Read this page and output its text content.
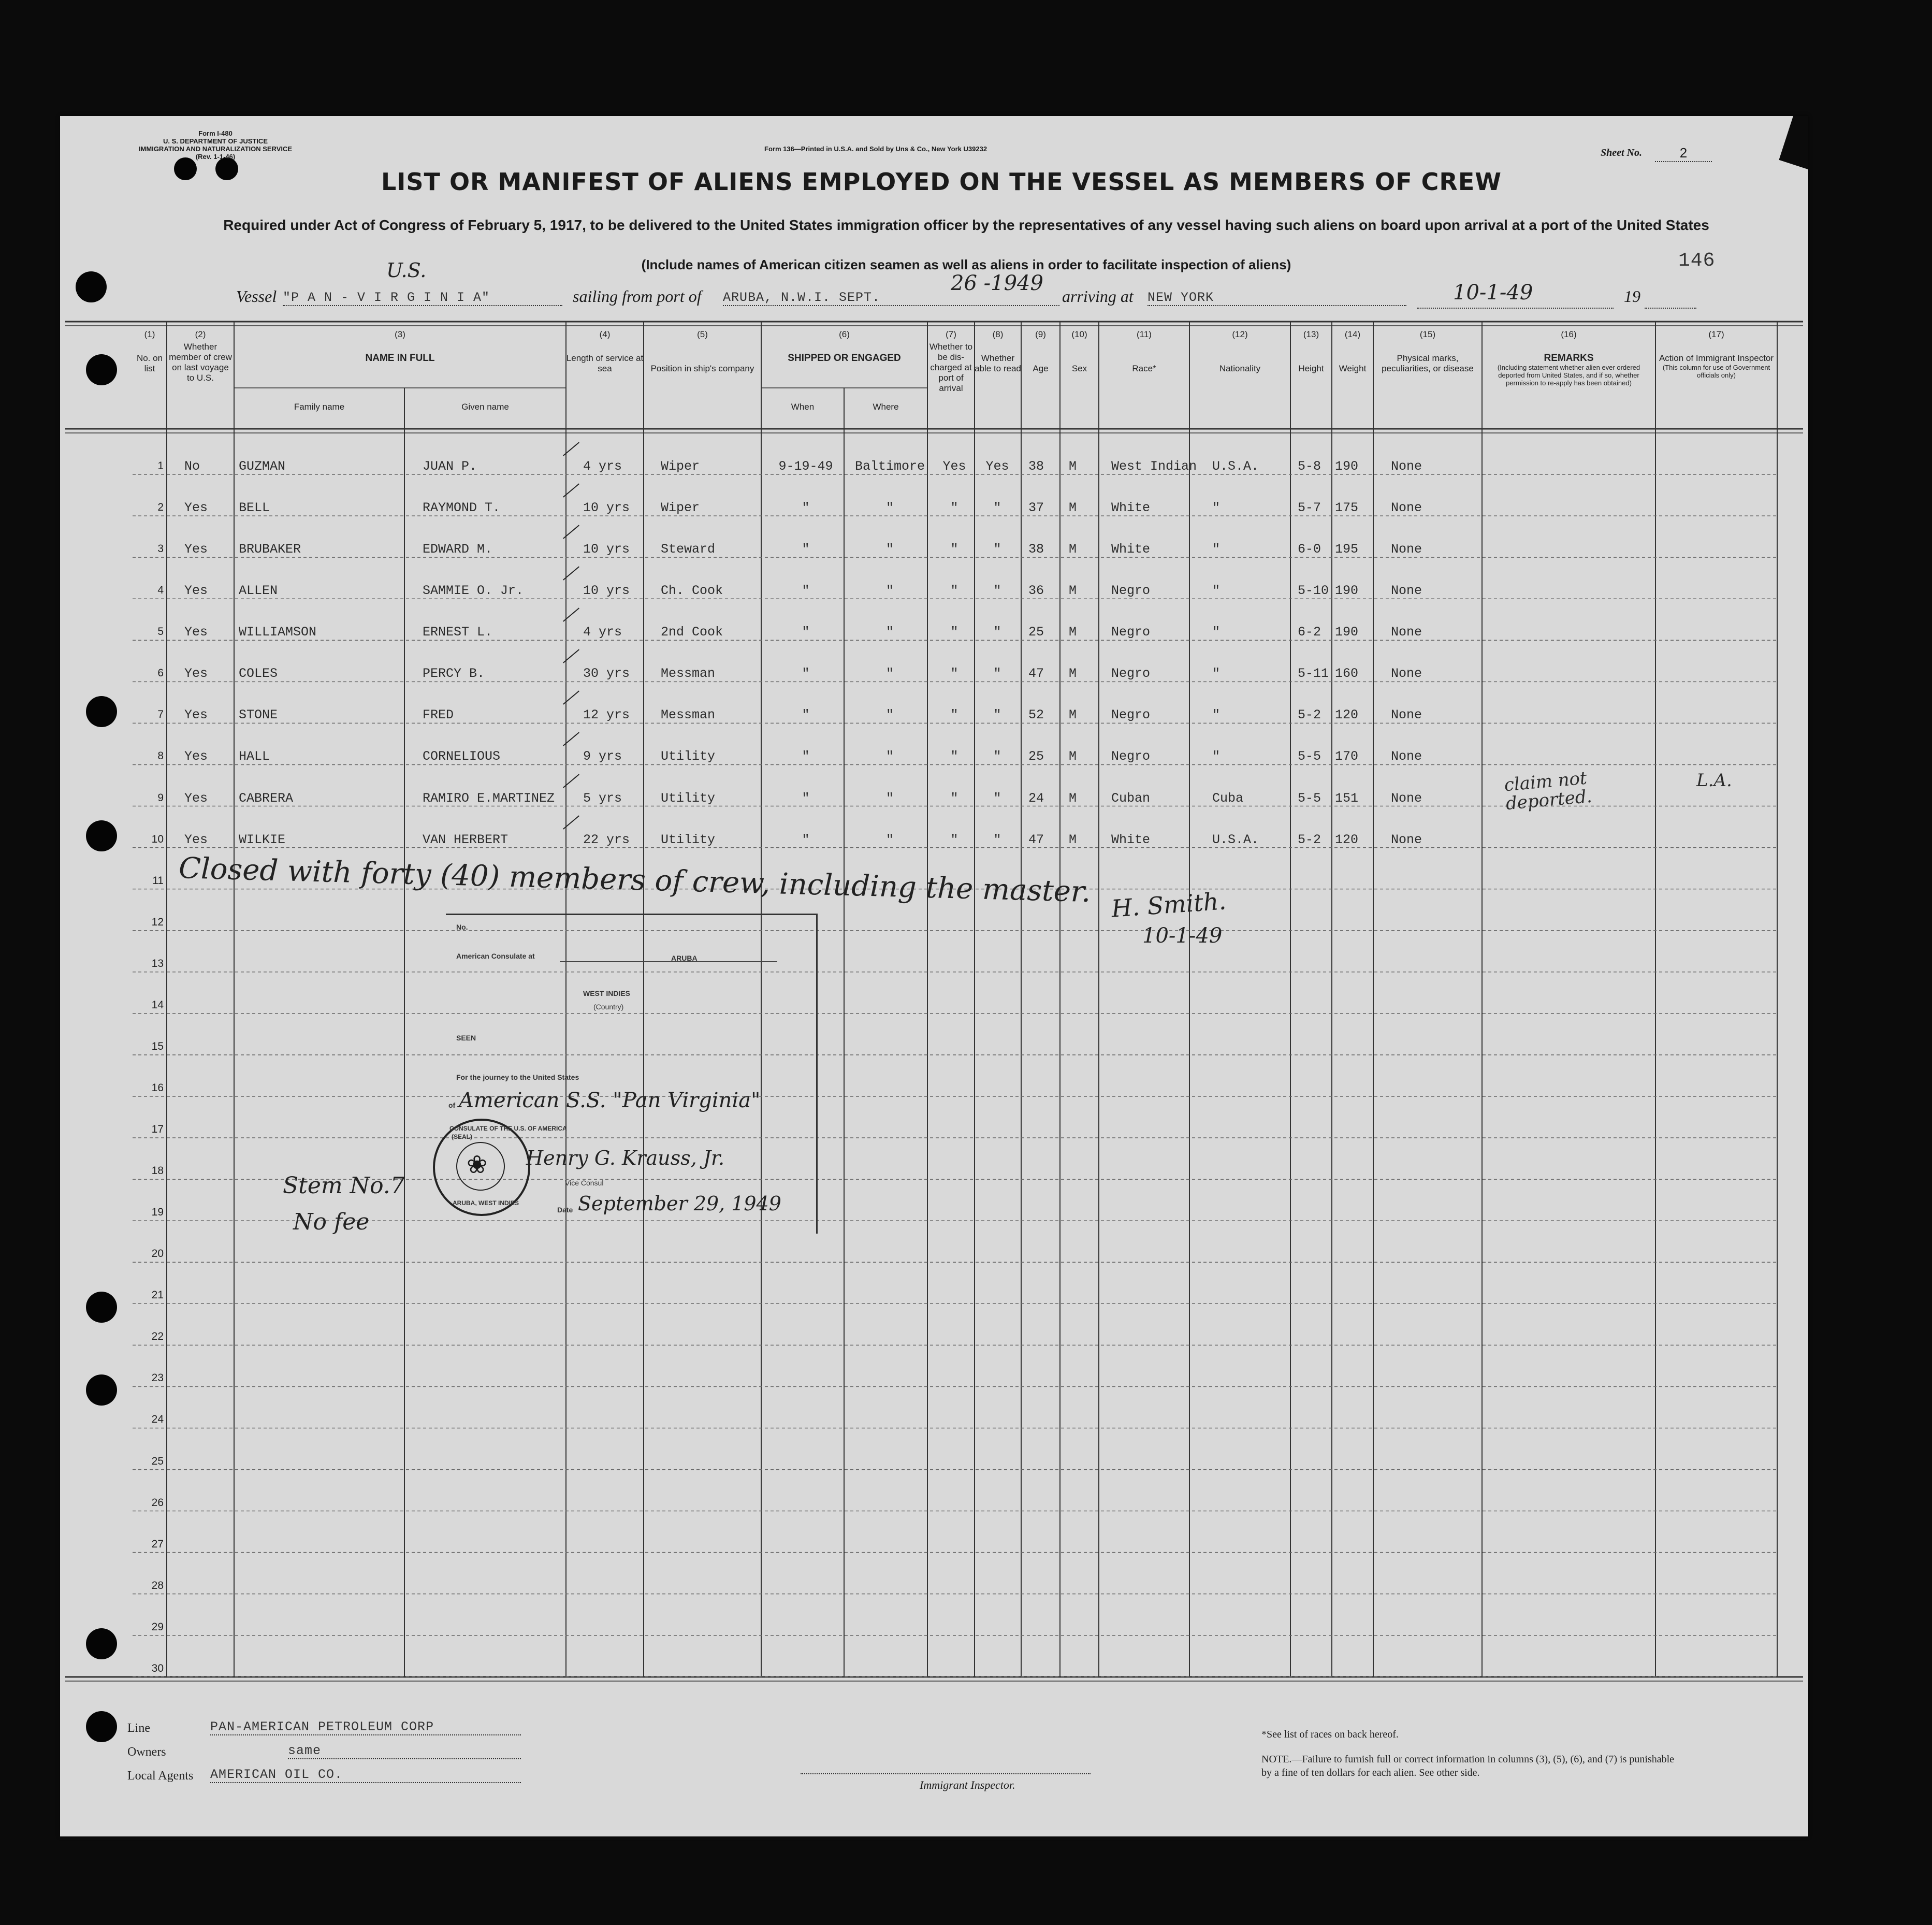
Form I-480
U. S. DEPARTMENT OF JUSTICE
IMMIGRATION AND NATURALIZATION SERVICE
(Rev. 1-1-46)
Form 136—Printed in U.S.A. and Sold by Uns & Co., New York U39232	Sheet No.	2
LIST OR MANIFEST OF ALIENS EMPLOYED ON THE VESSEL AS MEMBERS OF CREW
Required under Act of Congress of February 5, 1917, to be delivered to the United States immigration officer by the representatives of any vessel having such aliens on board upon arrival at a port of the United States
(Include names of American citizen seamen as well as aliens in order to facilitate inspection of aliens)	146
Vessel
U.S.
"P A N - V I R G I N I A"	sailing from port of ARUBA, N.W.I. SEPT.
26 -1949
arriving at NEW YORK	10-1-49	19
(1)
No. on list
(2)
Whether member of crew on last voyage to U.S.
(3)
NAME IN FULL
Family name	Given name
(4)
Length of service at sea
(5)
Position in ship's company
(6)
SHIPPED OR ENGAGED
When	Where
(7)
Whether to be dis-charged at port of arrival
(8)
Whether able to read
(9)
Age
(10)
Sex
(11)
Race*
(12)
Nationality
(13)
Height
(14)
Weight
(15)
Physical marks, peculiarities, or disease
(16)
REMARKS
(Including statement whether alien ever ordered deported from United States, and if so, whether permission to re-apply has been obtained)
(17)
Action of Immigrant Inspector
(This column for use of Government officials only)
1
2
3
4
5
6
7
8
9
10
11
12
13
14
15
16
17
18
19
20
21
22
23
24
25
26
27
28
29
30
No	GUZMAN	JUAN P.	4 yrs	Wiper	9-19-49	Baltimore	Yes	Yes	38 M	West Indian U.S.A.	5-8 190	None
Yes BELL	RAYMOND T.	10 yrs Wiper	"	"	"	"	37 M	White	"	5-7 175	None
Yes BRUBAKER	EDWARD M.	10 yrs Steward	"	"	"	"	38 M	White	"	6-0 195	None
Yes ALLEN	SAMMIE O. Jr.	10 yrs Ch. Cook	"	"	"	"	36 M	Negro	"	5-10 190	None
Yes WILLIAMSON	ERNEST L.	4 yrs	2nd Cook	"	"	"	"	25 M	Negro	"	6-2 190	None
Yes COLES	PERCY B.	30 yrs Messman	"	"	"	"	47 M	Negro	"	5-11 160	None
Yes STONE	FRED	12 yrs Messman	"	"	"	"	52 M	Negro	"	5-2 120	None
Yes HALL	CORNELIOUS	9 yrs	Utility	"	"	"	"	25 M	Negro	"	5-5 170	None
Yes CABRERA	RAMIRO E.MARTINEZ 5 yrs	Utility	"	"	"	"	24 M	Cuban	Cuba	5-5 151	None
claim not deported.
L.A.
Yes WILKIE	VAN HERBERT	22 yrs Utility	"	"	"	"	47 M	White	U.S.A.	5-2 120	None
Closed with forty (40) members of crew, including the master. H. Smith.
10-1-49
Stem No.7
No fee
No.
American Consulate at	ARUBA
WEST INDIES
(Country)
SEEN
For the journey to the United States
of American S.S. "Pan Virginia"
CONSULATE OF THE U.S. OF AMERICA
ARUBA, WEST INDIES
(SEAL)
❀ Henry G. Krauss, Jr.
Vice Consul
Date September 29, 1949
Line	PAN-AMERICAN PETROLEUM CORP
Owners	same
Local Agents AMERICAN OIL CO.
Immigrant Inspector.
*See list of races on back hereof.
NOTE.—Failure to furnish full or correct information in columns (3), (5), (6), and (7) is punishable by a fine of ten dollars for each alien. See other side.
